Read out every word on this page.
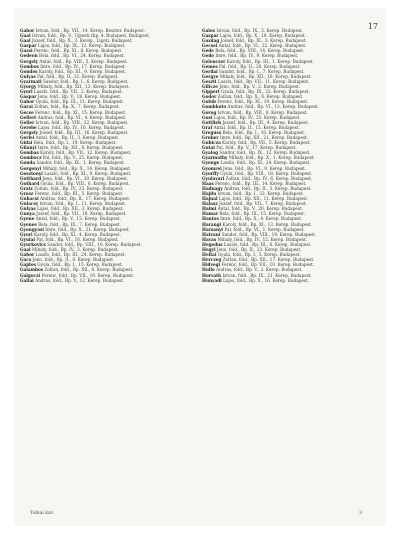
17

Gabor Istvan, fold., Bp. VII., 14. Kerep. Beszter. Budapest.

Gaal Istvan, fold., Bp. V., Ujpesti rkp. 4. Budapest, Budapest.

Gaal Jozsef, fold., Bp. X., 3. Kerep., Ligeti, Budapest.

Gaspar Lajos, fold., Bp. IX., 12. Kerep. Budapest.

Gazsi Ferenc, fold., Bp. XI., 8. Kerep. Budapest.

Gedeon Bela, fold., Bp. VI., 24. Kerep. Budapest.

Gergely Antal, fold., Bp. VIII., 5. Kerep. Budapest.

Gombos Imre, fold., Bp. IV., 17. Kerep. Budapest.

Gondos Karoly, fold., Bp. III., 9. Kerep. Budapest.

Gulyas Pal, fold., Bp. II., 21. Kerep. Budapest.

Gyarmati Sandor, fold., Bp. I., 6. Kerep. Budapest.

Gyorgy Mihaly, fold., Bp. XII., 13. Kerep. Budapest.

Gyori Laszlo, fold., Bp. VII., 2. Kerep. Budapest.

Gaspar Jeno, fold., Bp. V., 18. Kerep. Budapest.

Gabor Gyula, fold., Bp. IX., 11. Kerep. Budapest.

Garai Zoltan, fold., Bp. X., 7. Kerep. Budapest.

Gecse Ferenc, fold., Bp. XI., 15. Kerep. Budapest.

Gellert Andras, fold., Bp. VI., 4. Kerep. Budapest.

Geller Istvan, fold., Bp. VIII., 22. Kerep. Budapest.

Gerebe Lajos, fold., Bp. IV., 10. Kerep. Budapest.

Gergely Jozsef, fold., Bp. III., 16. Kerep. Budapest.

Gerlei Antal, fold., Bp. II., 3. Kerep. Budapest.

Gidai Bela, fold., Bp. I., 19. Kerep. Budapest.

Gilanyi Imre, fold., Bp. XII., 8. Kerep. Budapest.

Gombas Karoly, fold., Bp. VII., 12. Kerep. Budapest.

Gombocz Pal, fold., Bp. V., 25. Kerep. Budapest.

Gonda Sandor, fold., Bp. IX., 1. Kerep. Budapest.

Gorgenyi Mihaly, fold., Bp. X., 14. Kerep. Budapest.

Gosztonyi Laszlo, fold., Bp. XI., 9. Kerep. Budapest.

Gotthard Jeno, fold., Bp. VI., 20. Kerep. Budapest.

Gothard Gyula, fold., Bp. VIII., 6. Kerep. Budapest.

Gratz Zoltan, fold., Bp. IV., 23. Kerep. Budapest.

Grosz Ferenc, fold., Bp. III., 5. Kerep. Budapest.

Gubacsi Andras, fold., Bp. II., 17. Kerep. Budapest.

Gulacsy Istvan, fold., Bp. I., 11. Kerep. Budapest.

Gulyas Lajos, fold., Bp. XII., 2. Kerep. Budapest.

Gunya Jozsef, fold., Bp. VII., 18. Kerep. Budapest.

Gyene Antal, fold., Bp. V., 13. Kerep. Budapest.

Gyenes Bela, fold., Bp. IX., 7. Kerep. Budapest.

Gyongyosi Imre, fold., Bp. X., 21. Kerep. Budapest.

Gyori Karoly, fold., Bp. XI., 4. Kerep. Budapest.

Gyulai Pal, fold., Bp. VI., 16. Kerep. Budapest.

Gyurkovics Sandor, fold., Bp. VIII., 10. Kerep. Budapest.

Gaal Mihaly, fold., Bp. IV., 3. Kerep. Budapest.

Gabor Laszlo, fold., Bp. III., 24. Kerep. Budapest.

Gacs Jeno, fold., Bp. II., 8. Kerep. Budapest.

Gajdos Gyula, fold., Bp. I., 15. Kerep. Budapest.

Galambos Zoltan, fold., Bp. XII., 6. Kerep. Budapest.

Galgoczi Ferenc, fold., Bp. VII., 19. Kerep. Budapest.

Gallai Andras, fold., Bp. V., 12. Kerep. Budapest.

Galos Istvan, fold., Bp. IX., 5. Kerep. Budapest.

Gaspar Lajos, fold., Bp. X., 18. Kerep. Budapest.

Gazdag Jozsef, fold., Bp. XI., 3. Kerep. Budapest.

Gecsei Antal, fold., Bp. VI., 22. Kerep. Budapest.

Gede Bela, fold., Bp. VIII., 14. Kerep. Budapest.

Gedo Imre, fold., Bp. IV., 9. Kerep. Budapest.

Gelencser Karoly, fold., Bp. III., 1. Kerep. Budapest.

Gemes Pal, fold., Bp. II., 20. Kerep. Budapest.

Gerdai Sandor, fold., Bp. I., 7. Kerep. Budapest.

Gergye Mihaly, fold., Bp. XII., 16. Kerep. Budapest.

Geszti Laszlo, fold., Bp. VII., 11. Kerep. Budapest.

Gilicze Jeno, fold., Bp. V., 2. Kerep. Budapest.

Gippert Gyula, fold., Bp. IX., 23. Kerep. Budapest.

Godor Zoltan, fold., Bp. X., 6. Kerep. Budapest.

Golub Ferenc, fold., Bp. XI., 19. Kerep. Budapest.

Gombkoto Andras, fold., Bp. VI., 13. Kerep. Budapest.

Gorog Istvan, fold., Bp. VIII., 8. Kerep. Budapest.

Gosi Lajos, fold., Bp. IV., 25. Kerep. Budapest.

Gottlieb Jozsef, fold., Bp. III., 4. Kerep. Budapest.

Graf Antal, fold., Bp. II., 15. Kerep. Budapest.

Greguss Bela, fold., Bp. I., 10. Kerep. Budapest.

Gruber Imre, fold., Bp. XII., 21. Kerep. Budapest.

Gubicza Karoly, fold., Bp. VII., 5. Kerep. Budapest.

Gutai Pal, fold., Bp. V., 17. Kerep. Budapest.

Gyalog Sandor, fold., Bp. IX., 12. Kerep. Budapest.

Gyarmathy Mihaly, fold., Bp. X., 1. Kerep. Budapest.

Gyenge Laszlo, fold., Bp. XI., 24. Kerep. Budapest.

Gyomrei Jeno, fold., Bp. VI., 9. Kerep. Budapest.

Gyorffy Gyula, fold., Bp. VIII., 18. Kerep. Budapest.

Gyulavari Zoltan, fold., Bp. IV., 6. Kerep. Budapest.

Haas Ferenc, fold., Bp. III., 14. Kerep. Budapest.

Hadnagy Andras, fold., Bp. II., 3. Kerep. Budapest.

Hajdu Istvan, fold., Bp. I., 22. Kerep. Budapest.

Hajnal Lajos, fold., Bp. XII., 11. Kerep. Budapest.

Halasz Jozsef, fold., Bp. VII., 7. Kerep. Budapest.

Halmi Antal, fold., Bp. V., 20. Kerep. Budapest.

Hamar Bela, fold., Bp. IX., 15. Kerep. Budapest.

Hantos Imre, fold., Bp. X., 4. Kerep. Budapest.

Harangi Karoly, fold., Bp. XI., 13. Kerep. Budapest.

Harsanyi Pal, fold., Bp. VI., 1. Kerep. Budapest.

Hatvani Sandor, fold., Bp. VIII., 19. Kerep. Budapest.

Havas Mihaly, fold., Bp. IV., 12. Kerep. Budapest.

Hegedus Laszlo, fold., Bp. III., 8. Kerep. Budapest.

Hegyi Jeno, fold., Bp. II., 23. Kerep. Budapest.

Heltai Gyula, fold., Bp. I., 5. Kerep. Budapest.

Herczeg Zoltan, fold., Bp. XII., 17. Kerep. Budapest.

Hidvegi Ferenc, fold., Bp. VII., 10. Kerep. Budapest.

Hollo Andras, fold., Bp. V., 2. Kerep. Budapest.

Horvath Istvan, fold., Bp. IX., 21. Kerep. Budapest.

Hunyadi Lajos, fold., Bp. X., 16. Kerep. Budapest.

Tolnai kav.	3
